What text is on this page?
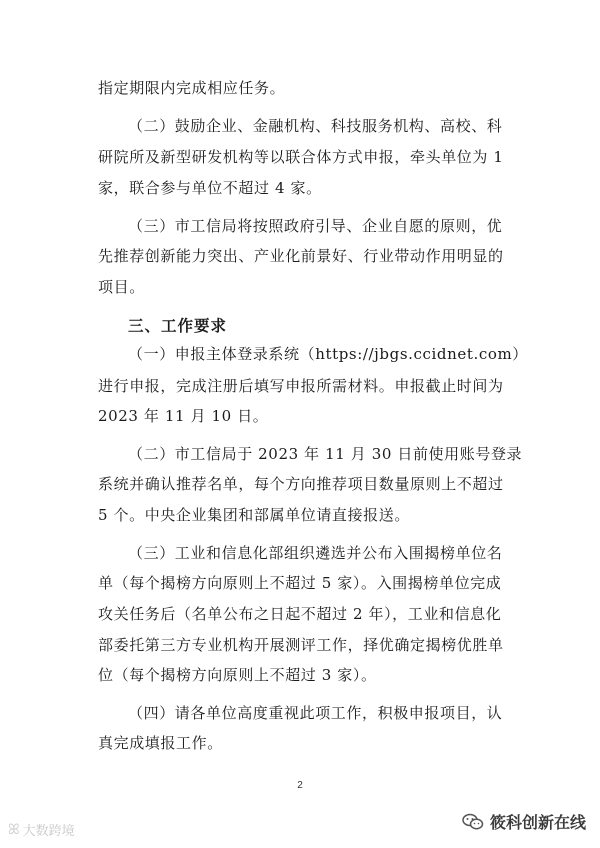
指定期限内完成相应任务。
（二）鼓励企业、金融机构、科技服务机构、高校、科
研院所及新型研发机构等以联合体方式申报，牵头单位为 1
家，联合参与单位不超过 4 家。
（三）市工信局将按照政府引导、企业自愿的原则，优
先推荐创新能力突出、产业化前景好、行业带动作用明显的
项目。
三、工作要求
（一）申报主体登录系统（https://jbgs.ccidnet.com）
进行申报，完成注册后填写申报所需材料。申报截止时间为
2023 年 11 月 10 日。
（二）市工信局于 2023 年 11 月 30 日前使用账号登录
系统并确认推荐名单，每个方向推荐项目数量原则上不超过
5 个。中央企业集团和部属单位请直接报送。
（三）工业和信息化部组织遴选并公布入围揭榜单位名
单（每个揭榜方向原则上不超过 5 家）。入围揭榜单位完成
攻关任务后（名单公布之日起不超过 2 年），工业和信息化
部委托第三方专业机构开展测评工作，择优确定揭榜优胜单
位（每个揭榜方向原则上不超过 3 家）。
（四）请各单位高度重视此项工作，积极申报项目，认
真完成填报工作。
2
ꕤ 大数跨境	筱科创新在线
